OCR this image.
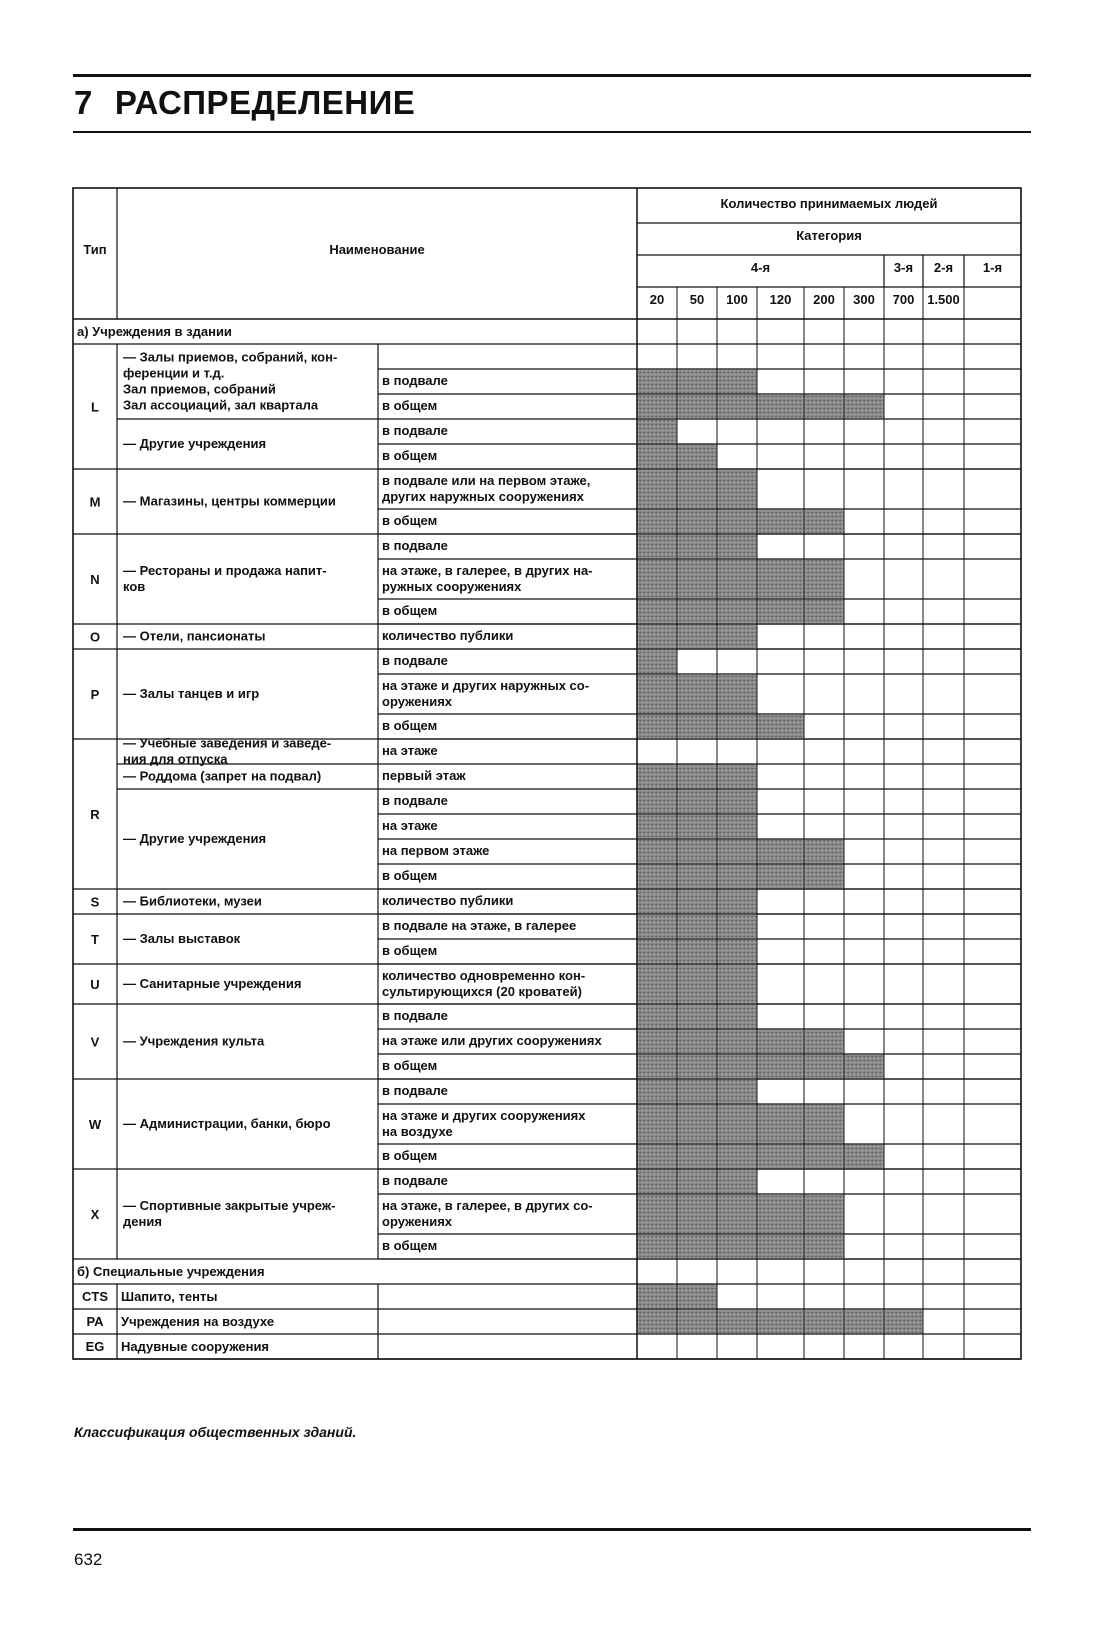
7 РАСПРЕДЕЛЕНИЕ
Тип	Наименование
Количество принимаемых людей
Категория
4-я	3-я 2-я 1-я
20 50 100 120 200 300 700 1.500
а) Учреждения в здании
в подвале
в общем
— Залы приемов, собраний, кон-
ференции и т.д.
Зал приемов, собраний
Зал ассоциаций, зал квартала
в подвале
в общем
— Другие учреждения
L
в подвале или на первом этаже,
других наружных сооружениях
в общем
— Магазины, центры коммерции
M
в подвале
на этаже, в галерее, в других на-
ружных сооружениях
в общем
— Рестораны и продажа напит-
ков
N
количество публики
— Отели, пансионаты
O
в подвале
на этаже и других наружных со-
оружениях
в общем
— Залы танцев и игр
P
на этаже
— Учебные заведения и заведе-
ния для отпуска
первый этаж
— Роддома (запрет на подвал)
в подвале
на этаже
на первом этаже
в общем
— Другие учреждения
R
количество публики
— Библиотеки, музеи
S
в подвале на этаже, в галерее
в общем
— Залы выставок
T
количество одновременно кон-
сультирующихся (20 кроватей)
— Санитарные учреждения
U
в подвале
на этаже или других сооружениях
в общем
— Учреждения культа
V
в подвале
на этаже и других сооружениях
на воздухе
в общем
— Администрации, банки, бюро
W
в подвале
на этаже, в галерее, в других со-
оружениях
в общем
— Спортивные закрытые учреж-
дения
X
б) Специальные учреждения
CTS Шапито, тенты
PA Учреждения на воздухе
EG Надувные сооружения
Классификация общественных зданий.
632
